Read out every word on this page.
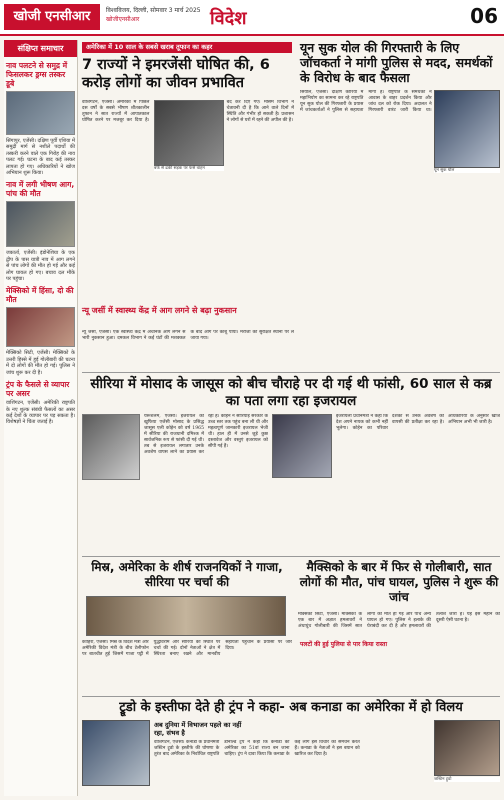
खोजी एनसीआर	विश्वविजय, दिल्ली, सोमवार 3 मार्च 2025
खोजीएनसीआर	विदेश	06
संक्षिप्त समाचार
नाव पलटने से समुद्र में फिसलकर ड्रग्स तस्कर डूबे
सिंगापुर, एजेंसी। दक्षिण पूर्वी एशिया में समुद्री मार्ग से नशीले पदार्थों की तस्करी करने वाले एक गिरोह की नाव पलट गई। घटना के बाद कई तस्कर लापता हो गए। अधिकारियों ने खोज अभियान शुरू किया।
नाव में लगी भीषण आग, पांच की मौत
जकार्ता, एजेंसी। इंडोनेशिया के एक द्वीप के पास यात्री नाव में आग लगने से पांच लोगों की मौत हो गई और कई लोग घायल हो गए। बचाव दल मौके पर पहुंचा।
मेक्सिको में हिंसा, दो की मौत
मेक्सिको सिटी, एजेंसी। मेक्सिको के उत्तरी हिस्से में हुई गोलीबारी की घटना में दो लोगों की मौत हो गई। पुलिस ने जांच शुरू कर दी है।
ट्रंप के फैसले से व्यापार पर असर
वाशिंगटन, एजेंसी। अमेरिकी राष्ट्रपति के नए शुल्क संबंधी फैसलों का असर कई देशों के व्यापार पर पड़ सकता है। विशेषज्ञों ने चिंता जताई है।
अमेरिका में 10 साल के सबसे खराब तूफान का कहर
7 राज्यों ने इमरजेंसी घोषित की, 6 करोड़ लोगों का जीवन प्रभावित
वाशिंगटन, एजेंसी। अमेरिका में पिछले दस वर्षों के सबसे भीषण शीतकालीन तूफान ने सात राज्यों में आपातकाल घोषित करने पर मजबूर कर दिया है। बंद कर दिए गए। मौसम विभाग ने चेतावनी दी है कि आने वाले दिनों में स्थिति और गंभीर हो सकती है। प्रशासन ने लोगों से घरों में रहने की अपील की है।
बर्फ से ढकी सड़क पर फंसे वाहन
यून सुक योल की गिरफ्तारी के लिए जॉचकर्ता ने मांगी पुलिस से मदद, समर्थकों के विरोध के बाद फैसला
सियोल, एजेंसी। दक्षिण कोरिया में महाभियोग का सामना कर रहे राष्ट्रपति यून सुक योल की गिरफ्तारी के प्रयास में जांचकर्ताओं ने पुलिस से सहायता मांगी है। राष्ट्रपति के समर्थकों ने आवास के बाहर प्रदर्शन किया और जांच दल को रोक दिया। अदालत ने गिरफ्तारी वारंट जारी किया था।
यून सुक योल
न्यू जर्सी में स्वास्थ्य केंद्र में आग लगने से बढ़ा नुकसान
न्यू जर्सी, एजेंसी। एक स्वास्थ्य केंद्र में अचानक आग लगने से भारी नुकसान हुआ। दमकल विभाग ने कई घंटों की मशक्कत के बाद आग पर काबू पाया। मरीजों को सुरक्षित स्थानों पर ले जाया गया।
सीरिया में मोसाद के जासूस को बीच चौराहे पर दी गई थी फांसी, 60 साल से कब्र का पता लगा रहा इजरायल
यरूशलम, एजेंसी। इजरायल की खुफिया एजेंसी मोसाद के प्रसिद्ध जासूस एली कोहेन को वर्ष 1965 में सीरिया की राजधानी दमिश्क में सार्वजनिक रूप से फांसी दी गई थी। तब से इजरायल लगातार उनके अवशेष वापस लाने का प्रयास कर रहा है। कोहेन ने सीरियाई सरकार के उच्च स्तर तक पहुंच बना ली थी और महत्वपूर्ण जानकारी इजरायल भेजी थी। हाल ही में उनसे जुड़े कुछ दस्तावेज और वस्तुएं इजरायल को सौंपी गई हैं।
इजरायली प्रधानमंत्री ने कहा कि देश अपने नायक को कभी नहीं भूलेगा। कोहेन का परिवार दशकों से उनके अवशेष की वापसी की प्रतीक्षा कर रहा है। अधिकारियों के अनुसार खोज अभियान अभी भी जारी है।
मिस्र, अमेरिका के शीर्ष राजनयिकों ने गाजा, सीरिया पर चर्चा की
काहिरा, एजेंसी। मिस्र के विदेश मंत्री और अमेरिकी विदेश मंत्री के बीच टेलीफोन पर बातचीत हुई जिसमें गाजा पट्टी में युद्धविराम और सीरिया की स्थिति पर चर्चा की गई। दोनों नेताओं ने क्षेत्र में स्थिरता बनाए रखने और मानवीय सहायता पहुंचाने के प्रयासों पर जोर दिया।
मैक्सिको के बार में फिर से गोलीबारी, सात लोगों की मौत, पांच घायल, पुलिस ने शुरू की जांच
मेक्सिको सिटी, एजेंसी। मेक्सिको के एक बार में अज्ञात हमलावरों ने अंधाधुंध गोलीबारी की जिसमें सात लोगों की मौत हो गई और पांच अन्य घायल हो गए। पुलिस ने इलाके की घेराबंदी कर दी है और हमलावरों की तलाश जारी है। यह इस महीने की दूसरी ऐसी घटना है।
पलटों की हुई पुलिया से पार किया रास्ता
ट्रूडो के इस्तीफा देते ही ट्रंप ने कहा- अब कनाडा का अमेरिका में हो विलय
अब दुनिया में विभाजन पहले का नहीं रहा, संभव है
वाशिंगटन, एजेंसी। कनाडा के प्रधानमंत्री जस्टिन ट्रूडो के इस्तीफे की घोषणा के तुरंत बाद अमेरिका के निर्वाचित राष्ट्रपति डोनाल्ड ट्रंप ने कहा कि कनाडा को अमेरिका का 51वां राज्य बन जाना चाहिए। ट्रंप ने दावा किया कि कनाडा के कई लोग इस विचार का समर्थन करते हैं। कनाडा के नेताओं ने इस बयान को खारिज कर दिया है।
जस्टिन ट्रूडो
